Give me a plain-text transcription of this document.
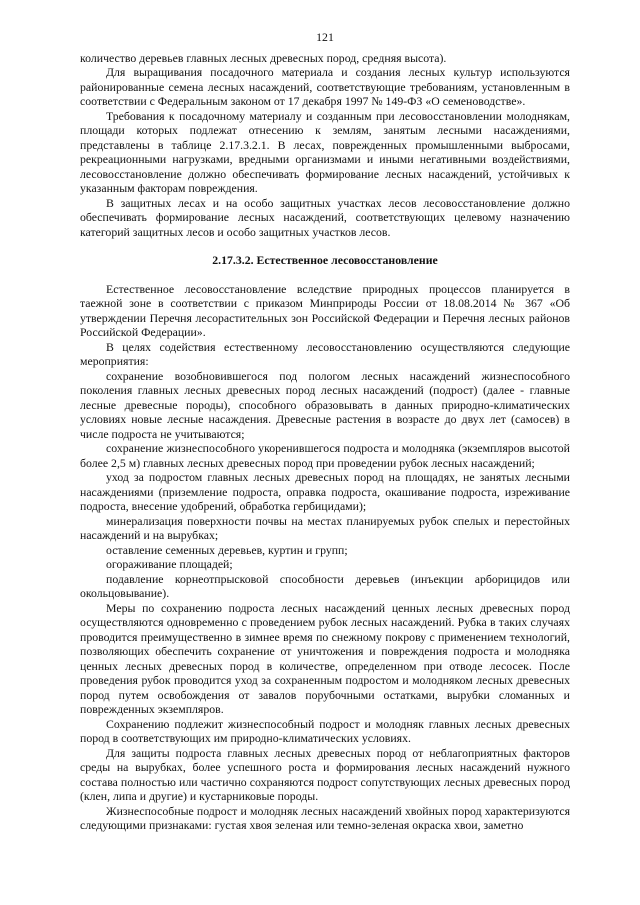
121

количество деревьев главных лесных древесных пород, средняя высота).

Для выращивания посадочного материала и создания лесных культур используются районированные семена лесных насаждений, соответствующие требованиям, установленным в соответствии с Федеральным законом от 17 декабря 1997 № 149-ФЗ «О семеноводстве».

Требования к посадочному материалу и созданным при лесовосстановлении молоднякам, площади которых подлежат отнесению к землям, занятым лесными насаждениями, представлены в таблице 2.17.3.2.1. В лесах, поврежденных промышленными выбросами, рекреационными нагрузками, вредными организмами и иными негативными воздействиями, лесовосстановление должно обеспечивать формирование лесных насаждений, устойчивых к указанным факторам повреждения.

В защитных лесах и на особо защитных участках лесов лесовосстановление должно обеспечивать формирование лесных насаждений, соответствующих целевому назначению категорий защитных лесов и особо защитных участков лесов.

2.17.3.2. Естественное лесовосстановление

Естественное лесовосстановление вследствие природных процессов планируется в таежной зоне в соответствии с приказом Минприроды России от 18.08.2014 № 367 «Об утверждении Перечня лесорастительных зон Российской Федерации и Перечня лесных районов Российской Федерации».

В целях содействия естественному лесовосстановлению осуществляются следующие мероприятия:

сохранение возобновившегося под пологом лесных насаждений жизнеспособного поколения главных лесных древесных пород лесных насаждений (подрост) (далее - главные лесные древесные породы), способного образовывать в данных природно-климатических условиях новые лесные насаждения. Древесные растения в возрасте до двух лет (самосев) в числе подроста не учитываются;

сохранение жизнеспособного укоренившегося подроста и молодняка (экземпляров высотой более 2,5 м) главных лесных древесных пород при проведении рубок лесных насаждений;

уход за подростом главных лесных древесных пород на площадях, не занятых лесными насаждениями (приземление подроста, оправка подроста, окашивание подроста, изреживание подроста, внесение удобрений, обработка гербицидами);

минерализация поверхности почвы на местах планируемых рубок спелых и перестойных насаждений и на вырубках;

оставление семенных деревьев, куртин и групп;

огораживание площадей;

подавление корнеотпрысковой способности деревьев (инъекции арборицидов или окольцовывание).

Меры по сохранению подроста лесных насаждений ценных лесных древесных пород осуществляются одновременно с проведением рубок лесных насаждений. Рубка в таких случаях проводится преимущественно в зимнее время по снежному покрову с применением технологий, позволяющих обеспечить сохранение от уничтожения и повреждения подроста и молодняка ценных лесных древесных пород в количестве, определенном при отводе лесосек. После проведения рубок проводится уход за сохраненным подростом и молодняком лесных древесных пород путем освобождения от завалов порубочными остатками, вырубки сломанных и поврежденных экземпляров.

Сохранению подлежит жизнеспособный подрост и молодняк главных лесных древесных пород в соответствующих им природно-климатических условиях.

Для защиты подроста главных лесных древесных пород от неблагоприятных факторов среды на вырубках, более успешного роста и формирования лесных насаждений нужного состава полностью или частично сохраняются подрост сопутствующих лесных древесных пород (клен, липа и другие) и кустарниковые породы.

Жизнеспособные подрост и молодняк лесных насаждений хвойных пород характеризуются следующими признаками: густая хвоя зеленая или темно-зеленая окраска хвои, заметно
